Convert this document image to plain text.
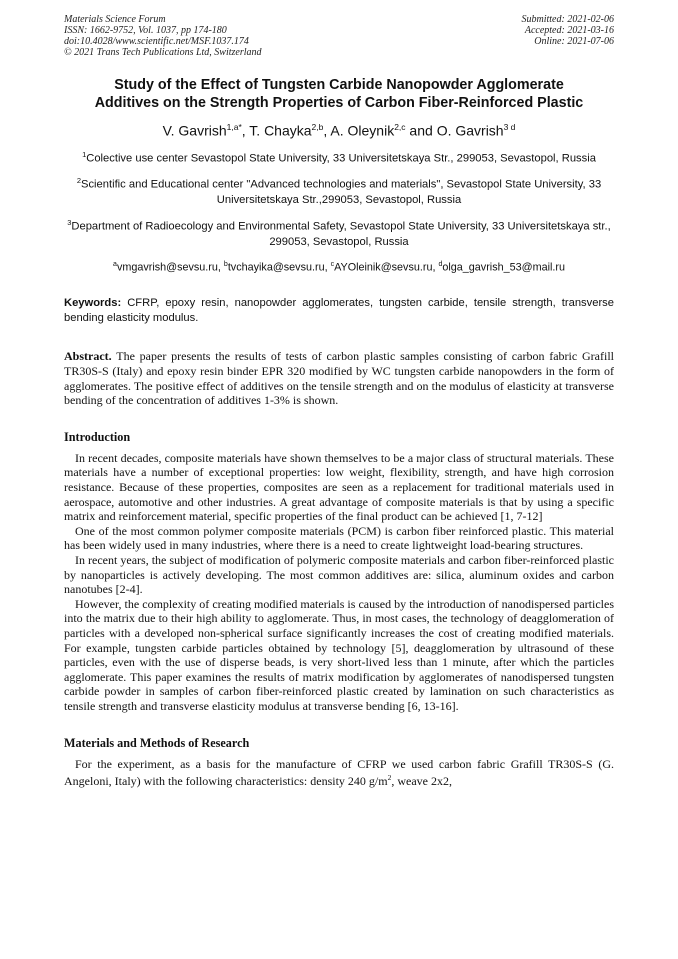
Materials Science Forum
ISSN: 1662-9752, Vol. 1037, pp 174-180
doi:10.4028/www.scientific.net/MSF.1037.174
© 2021 Trans Tech Publications Ltd, Switzerland
Submitted: 2021-02-06
Accepted: 2021-03-16
Online: 2021-07-06
Study of the Effect of Tungsten Carbide Nanopowder Agglomerate
Additives on the Strength Properties of Carbon Fiber-Reinforced Plastic
V. Gavrish$^{1,a*}$, T. Chayka$^{2,b}$, A. Oleynik$^{2,c}$ and O. Gavrish$^{3 d}$
$^1$Colective use center Sevastopol State University, 33 Universitetskaya Str., 299053, Sevastopol, Russia
$^2$Scientific and Educational center "Advanced technologies and materials", Sevastopol State University, 33 Universitetskaya Str.,299053, Sevastopol, Russia
$^3$Department of Radioecology and Environmental Safety, Sevastopol State University, 33 Universitetskaya str., 299053, Sevastopol, Russia
$^a$vmgavrish@sevsu.ru, $^b$tvchayika@sevsu.ru, $^c$AYOleinik@sevsu.ru, $^d$olga_gavrish_53@mail.ru
Keywords: CFRP, epoxy resin, nanopowder agglomerates, tungsten carbide, tensile strength, transverse bending elasticity modulus.
Abstract. The paper presents the results of tests of carbon plastic samples consisting of carbon fabric Grafill TR30S-S (Italy) and epoxy resin binder EPR 320 modified by WC tungsten carbide nanopowders in the form of agglomerates. The positive effect of additives on the tensile strength and on the modulus of elasticity at transverse bending of the concentration of additives 1-3% is shown.
Introduction

In recent decades, composite materials have shown themselves to be a major class of structural materials. These materials have a number of exceptional properties: low weight, flexibility, strength, and have high corrosion resistance. Because of these properties, composites are seen as a replacement for traditional materials used in aerospace, automotive and other industries. A great advantage of composite materials is that by using a specific matrix and reinforcement material, specific properties of the final product can be achieved [1, 7-12]

One of the most common polymer composite materials (PCM) is carbon fiber reinforced plastic. This material has been widely used in many industries, where there is a need to create lightweight load-bearing structures.

In recent years, the subject of modification of polymeric composite materials and carbon fiber-reinforced plastic by nanoparticles is actively developing. The most common additives are: silica, aluminum oxides and carbon nanotubes [2-4].

However, the complexity of creating modified materials is caused by the introduction of nanodispersed particles into the matrix due to their high ability to agglomerate. Thus, in most cases, the technology of deagglomeration of particles with a developed non-spherical surface significantly increases the cost of creating modified materials. For example, tungsten carbide particles obtained by technology [5], deagglomeration by ultrasound of these particles, even with the use of disperse beads, is very short-lived less than 1 minute, after which the particles agglomerate. This paper examines the results of matrix modification by agglomerates of nanodispersed tungsten carbide powder in samples of carbon fiber-reinforced plastic created by lamination on such characteristics as tensile strength and transverse elasticity modulus at transverse bending [6, 13-16].

Materials and Methods of Research

For the experiment, as a basis for the manufacture of CFRP we used carbon fabric Grafill TR30S-S (G. Angeloni, Italy) with the following characteristics: density 240 $g/m^2$, weave 2x2,
